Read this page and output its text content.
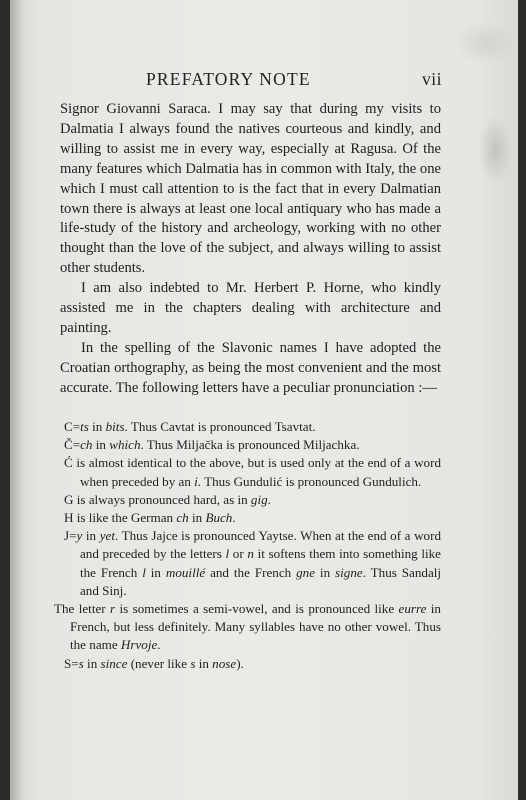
PREFATORY NOTE	vii

Signor Giovanni Saraca. I may say that during my visits to Dalmatia I always found the natives courteous and kindly, and willing to assist me in every way, especially at Ragusa. Of the many features which Dalmatia has in common with Italy, the one which I must call attention to is the fact that in every Dalmatian town there is always at least one local antiquary who has made a life-study of the history and archeology, working with no other thought than the love of the subject, and always willing to assist other students.

I am also indebted to Mr. Herbert P. Horne, who kindly assisted me in the chapters dealing with architecture and painting.

In the spelling of the Slavonic names I have adopted the Croatian orthography, as being the most convenient and the most accurate. The following letters have a peculiar pronunciation :—

C=ts in bits. Thus Cavtat is pronounced Tsavtat.

Č=ch in which. Thus Miljačka is pronounced Miljachka.

Ć is almost identical to the above, but is used only at the end of a word when preceded by an i. Thus Gundulić is pronounced Gundulich.

G is always pronounced hard, as in gig.

H is like the German ch in Buch.

J=y in yet. Thus Jajce is pronounced Yaytse. When at the end of a word and preceded by the letters l or n it softens them into something like the French l in mouillé and the French gne in signe. Thus Sandalj and Sinj.

The letter r is sometimes a semi-vowel, and is pronounced like eurre in French, but less definitely. Many syllables have no other vowel. Thus the name Hrvoje.

S=s in since (never like s in nose).
